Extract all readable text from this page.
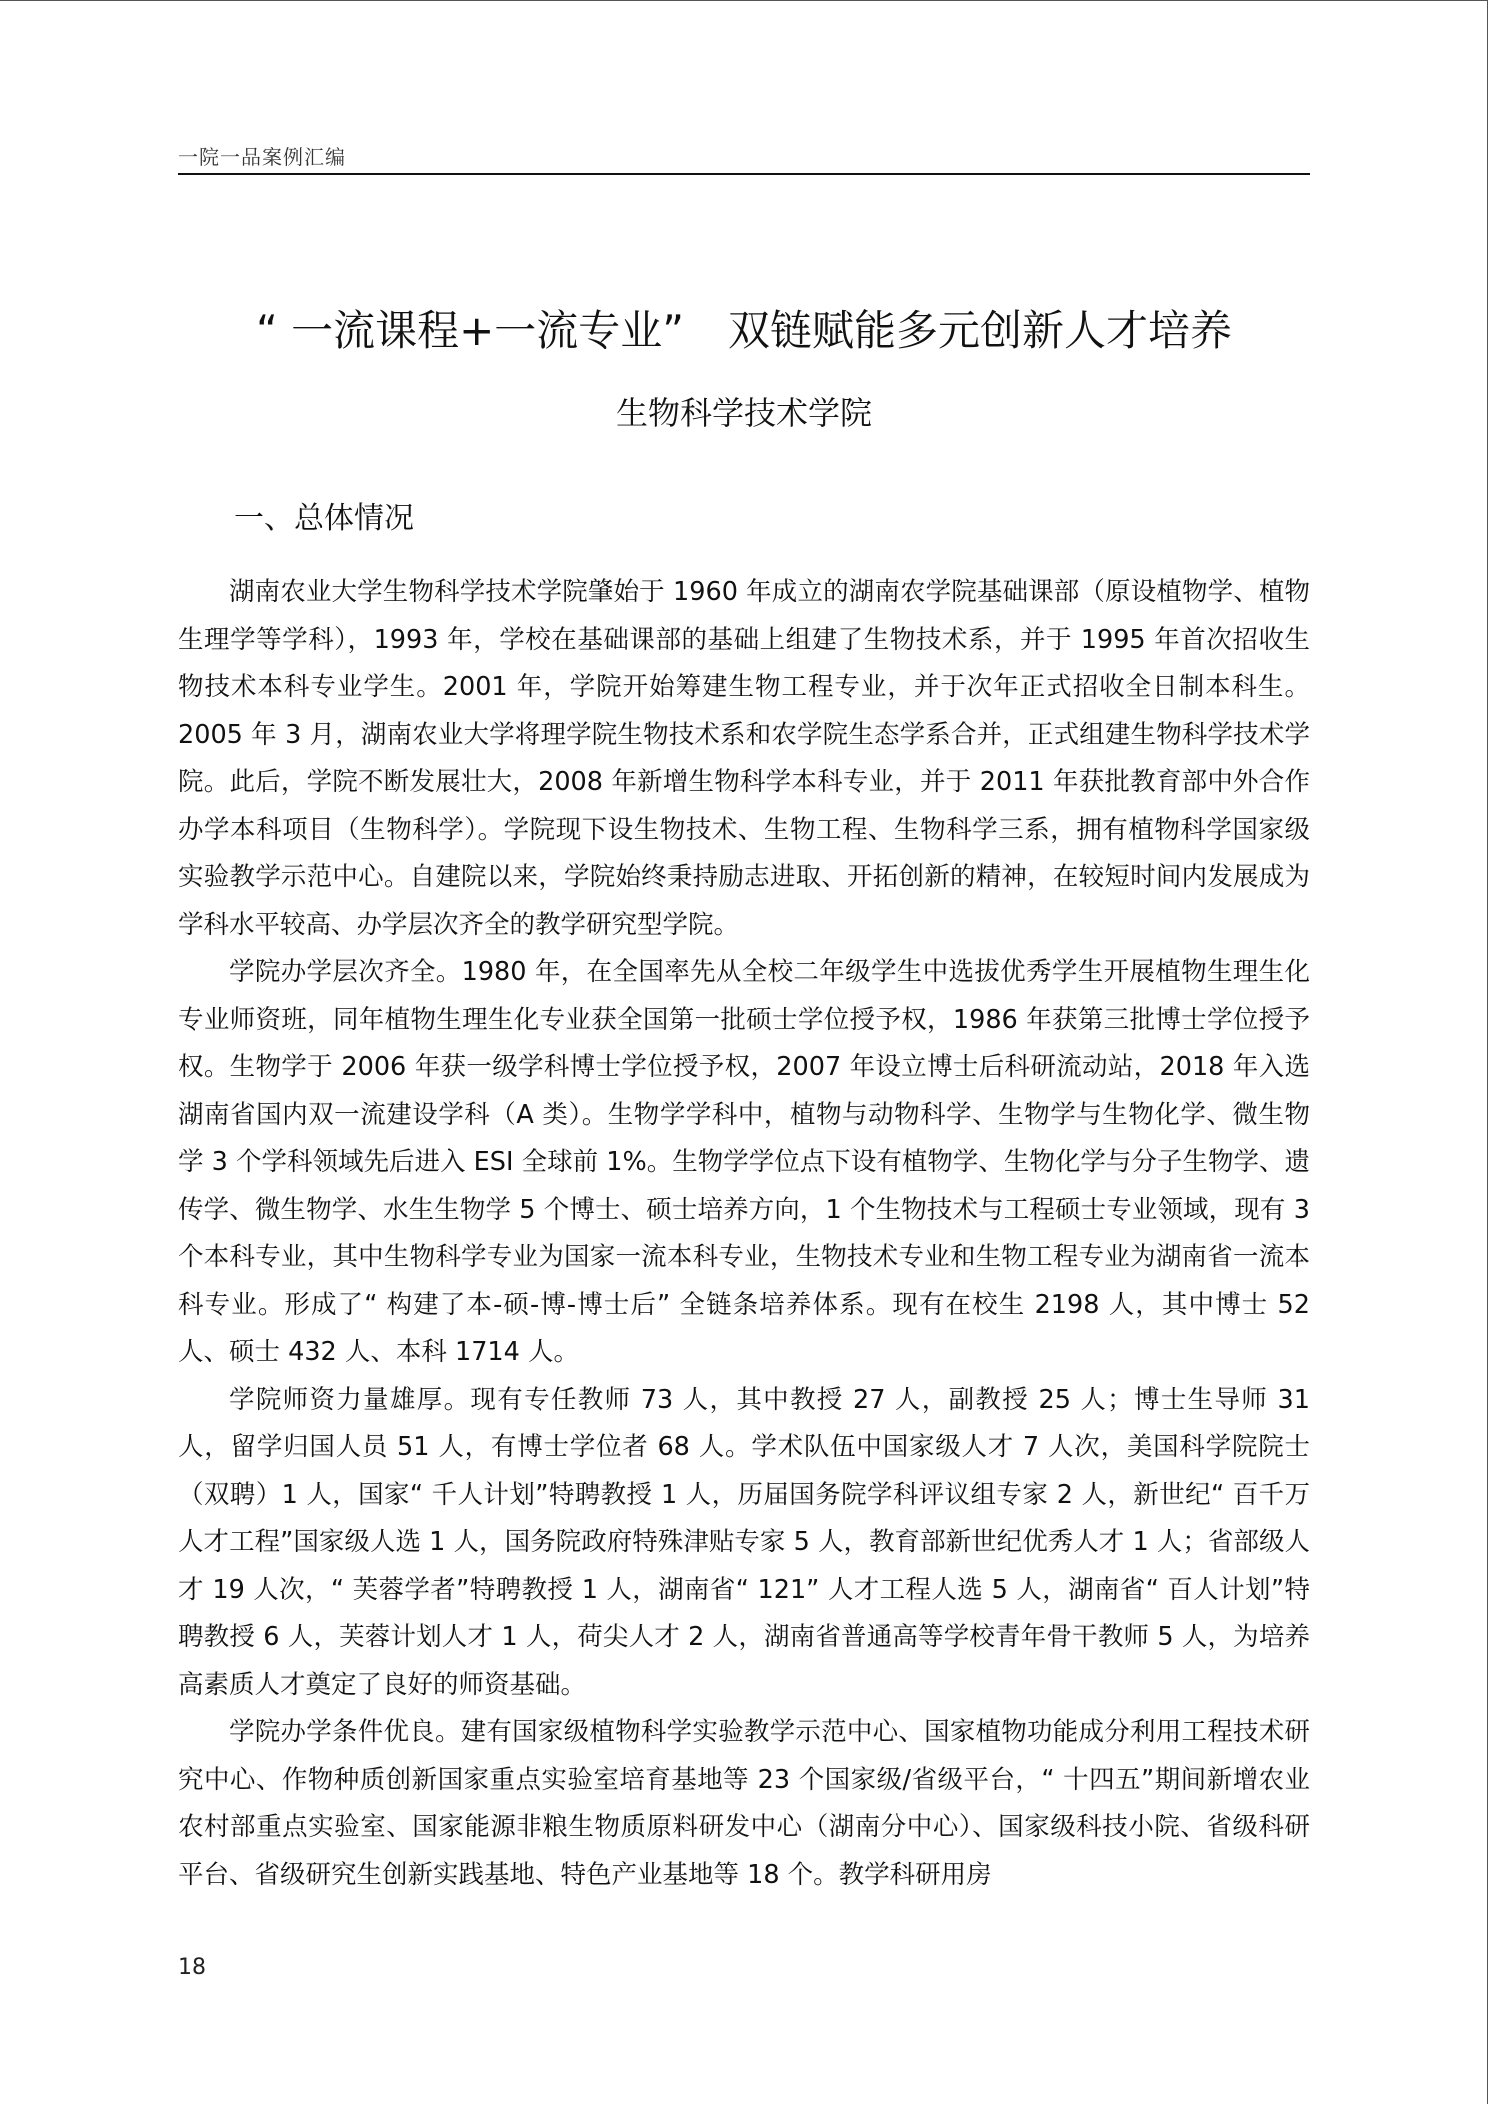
一院一品案例汇编
“ 一流课程+一流专业” 双链赋能多元创新人才培养
生物科学技术学院
一、总体情况

湖南农业大学生物科学技术学院肇始于 1960 年成立的湖南农学院基础课部（原设植物学、植物生理学等学科），1993 年，学校在基础课部的基础上组建了生物技术系，并于 1995 年首次招收生物技术本科专业学生。2001 年，学院开始筹建生物工程专业，并于次年正式招收全日制本科生。2005 年 3 月，湖南农业大学将理学院生物技术系和农学院生态学系合并，正式组建生物科学技术学院。此后，学院不断发展壮大，2008 年新增生物科学本科专业，并于 2011 年获批教育部中外合作办学本科项目（生物科学）。学院现下设生物技术、生物工程、生物科学三系，拥有植物科学国家级实验教学示范中心。自建院以来，学院始终秉持励志进取、开拓创新的精神，在较短时间内发展成为学科水平较高、办学层次齐全的教学研究型学院。

学院办学层次齐全。1980 年，在全国率先从全校二年级学生中选拔优秀学生开展植物生理生化专业师资班，同年植物生理生化专业获全国第一批硕士学位授予权，1986 年获第三批博士学位授予权。生物学于 2006 年获一级学科博士学位授予权，2007 年设立博士后科研流动站，2018 年入选湖南省国内双一流建设学科（A 类）。生物学学科中，植物与动物科学、生物学与生物化学、微生物学 3 个学科领域先后进入 ESI 全球前 1%。生物学学位点下设有植物学、生物化学与分子生物学、遗传学、微生物学、水生生物学 5 个博士、硕士培养方向，1 个生物技术与工程硕士专业领域，现有 3 个本科专业，其中生物科学专业为国家一流本科专业，生物技术专业和生物工程专业为湖南省一流本科专业。形成了“ 构建了本-硕-博-博士后” 全链条培养体系。现有在校生 2198 人，其中博士 52 人、硕士 432 人、本科 1714 人。

学院师资力量雄厚。现有专任教师 73 人，其中教授 27 人，副教授 25 人；博士生导师 31 人，留学归国人员 51 人，有博士学位者 68 人。学术队伍中国家级人才 7 人次，美国科学院院士（双聘）1 人，国家“ 千人计划”特聘教授 1 人，历届国务院学科评议组专家 2 人，新世纪“ 百千万人才工程”国家级人选 1 人，国务院政府特殊津贴专家 5 人，教育部新世纪优秀人才 1 人；省部级人才 19 人次，“ 芙蓉学者”特聘教授 1 人，湖南省“ 121” 人才工程人选 5 人，湖南省“ 百人计划”特聘教授 6 人，芙蓉计划人才 1 人，荷尖人才 2 人，湖南省普通高等学校青年骨干教师 5 人，为培养高素质人才奠定了良好的师资基础。

学院办学条件优良。建有国家级植物科学实验教学示范中心、国家植物功能成分利用工程技术研究中心、作物种质创新国家重点实验室培育基地等 23 个国家级/省级平台，“ 十四五”期间新增农业农村部重点实验室、国家能源非粮生物质原料研发中心（湖南分中心）、国家级科技小院、省级科研平台、省级研究生创新实践基地、特色产业基地等 18 个。教学科研用房

18
